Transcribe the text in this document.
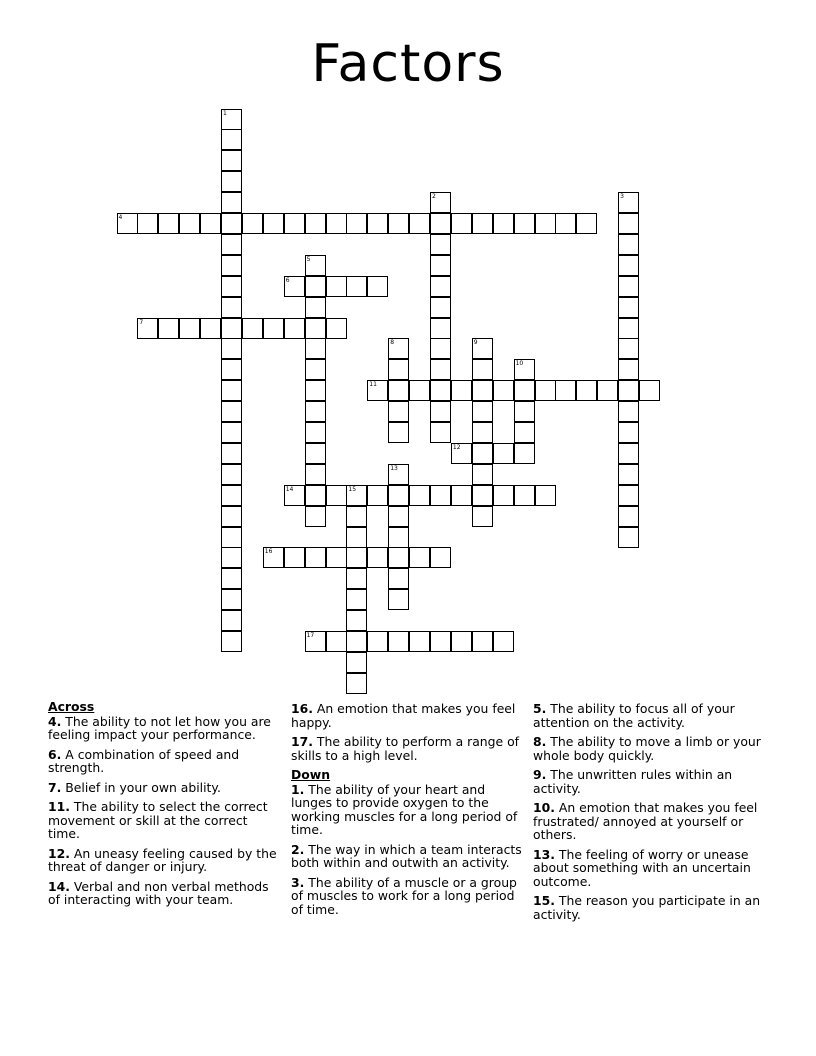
Factors
1
2	3
4
5
6
7
8	9
10
11
12
13
14	15
16
17
Across
4. The ability to not let how you are feeling impact your performance.
6. A combination of speed and strength.
7. Belief in your own ability.
11. The ability to select the correct movement or skill at the correct time.
12. An uneasy feeling caused by the threat of danger or injury.
14. Verbal and non verbal methods of interacting with your team.
16. An emotion that makes you feel happy.
17. The ability to perform a range of skills to a high level.
Down
1. The ability of your heart and lunges to provide oxygen to the working muscles for a long period of time.
2. The way in which a team interacts both within and outwith an activity.
3. The ability of a muscle or a group of muscles to work for a long period of time.
5. The ability to focus all of your attention on the activity.
8. The ability to move a limb or your whole body quickly.
9. The unwritten rules within an activity.
10. An emotion that makes you feel frustrated/ annoyed at yourself or others.
13. The feeling of worry or unease about something with an uncertain outcome.
15. The reason you participate in an activity.
